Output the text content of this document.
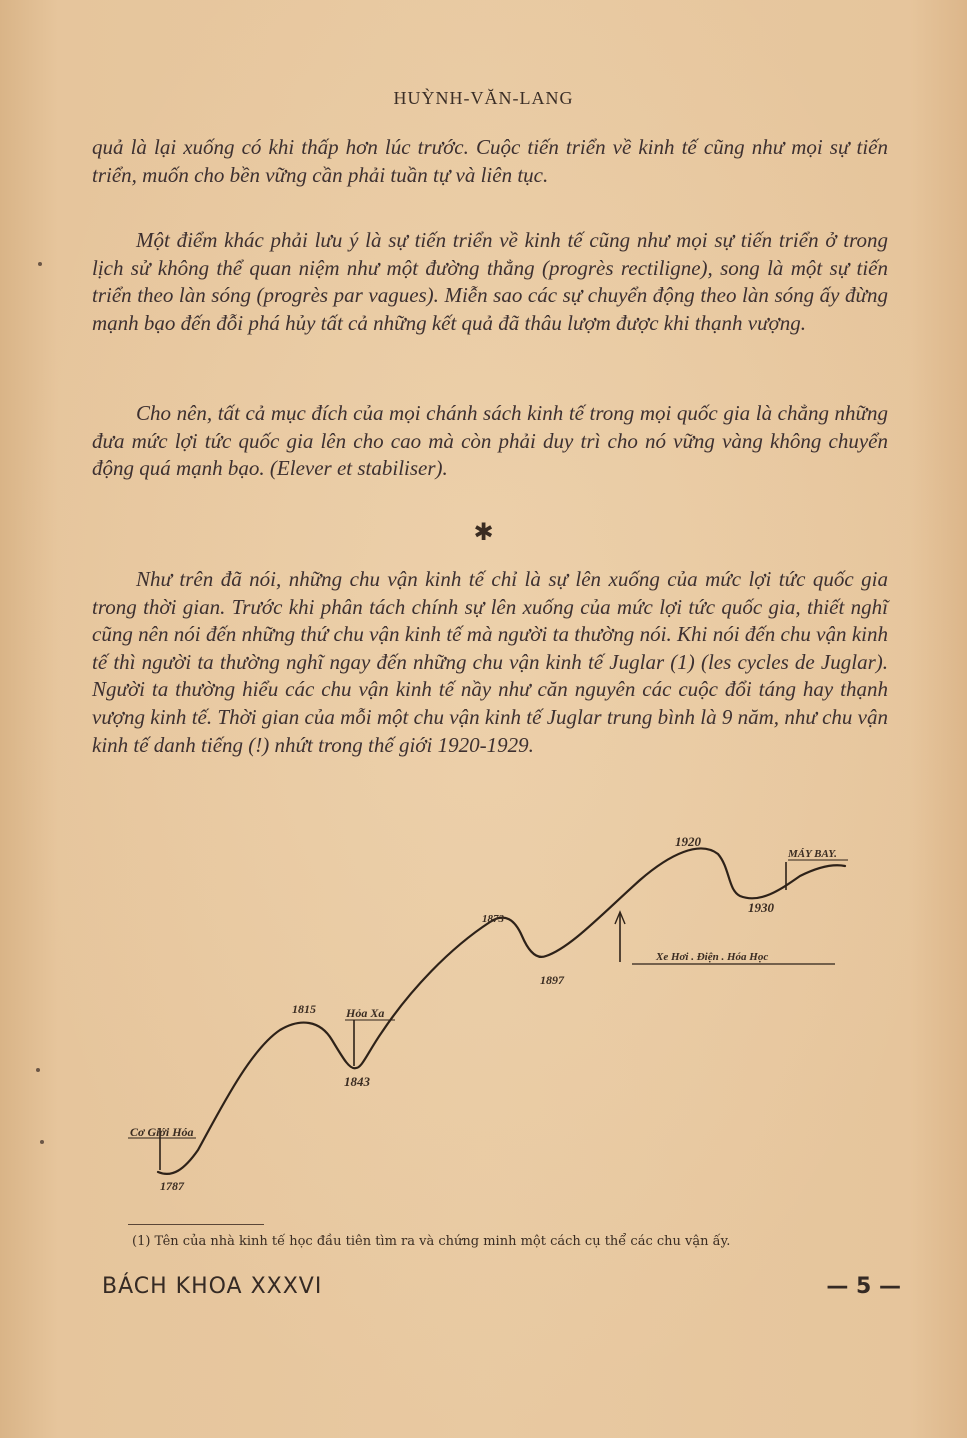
HUỲNH-VĂN-LANG
quả là lại xuống có khi thấp hơn lúc trước. Cuộc tiến triển về kinh tế cũng như mọi sự tiến triển, muốn cho bền vững cần phải tuần tự và liên tục.
Một điểm khác phải lưu ý là sự tiến triển về kinh tế cũng như mọi sự tiến triển ở trong lịch sử không thể quan niệm như một đường thẳng (progrès rectiligne), song là một sự tiến triển theo làn sóng (progrès par vagues). Miễn sao các sự chuyển động theo làn sóng ấy đừng mạnh bạo đến đỗi phá hủy tất cả những kết quả đã thâu lượm được khi thạnh vượng.
Cho nên, tất cả mục đích của mọi chánh sách kinh tế trong mọi quốc gia là chẳng những đưa mức lợi tức quốc gia lên cho cao mà còn phải duy trì cho nó vững vàng không chuyển động quá mạnh bạo. (Elever et stabiliser).
✱
Như trên đã nói, những chu vận kinh tế chỉ là sự lên xuống của mức lợi tức quốc gia trong thời gian. Trước khi phân tách chính sự lên xuống của mức lợi tức quốc gia, thiết nghĩ cũng nên nói đến những thứ chu vận kinh tế mà người ta thường nói. Khi nói đến chu vận kinh tế thì người ta thường nghĩ ngay đến những chu vận kinh tế Juglar (1) (les cycles de Juglar). Người ta thường hiểu các chu vận kinh tế nầy như căn nguyên các cuộc đổi táng hay thạnh vượng kinh tế. Thời gian của mỗi một chu vận kinh tế Juglar trung bình là 9 năm, như chu vận kinh tế danh tiếng (!) nhứt trong thế giới 1920-1929.
1787
1815
1843
1873
1897
1920
1930
Cơ Giới Hóa
Hỏa Xa
Xe Hơi . Điện . Hóa Học
MÁY BAY.
(1) Tên của nhà kinh tế học đầu tiên tìm ra và chứng minh một cách cụ thể các chu vận ấy.
BÁCH KHOA XXXVI	— 5 —
